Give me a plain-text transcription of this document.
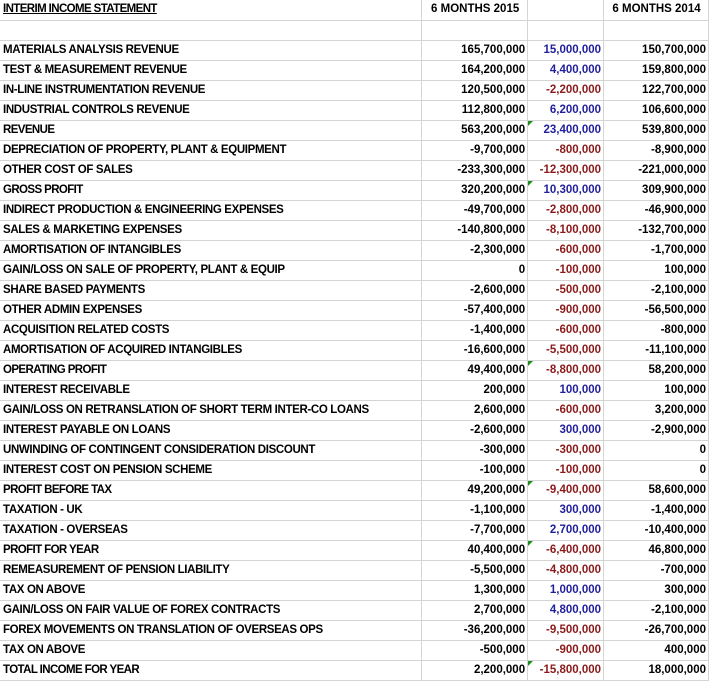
INTERIM INCOME STATEMENT	6 MONTHS 2015		6 MONTHS 2014

MATERIALS ANALYSIS REVENUE	165,700,000	15,000,000	150,700,000
TEST & MEASUREMENT REVENUE	164,200,000	4,400,000	159,800,000
IN-LINE INSTRUMENTATION REVENUE	120,500,000	-2,200,000	122,700,000
INDUSTRIAL CONTROLS REVENUE	112,800,000	6,200,000	106,600,000
REVENUE	563,200,000	23,400,000	539,800,000
DEPRECIATION OF PROPERTY, PLANT & EQUIPMENT	-9,700,000	-800,000	-8,900,000
OTHER COST OF SALES	-233,300,000	-12,300,000	-221,000,000
GROSS PROFIT	320,200,000	10,300,000	309,900,000
INDIRECT PRODUCTION & ENGINEERING EXPENSES	-49,700,000	-2,800,000	-46,900,000
SALES & MARKETING EXPENSES	-140,800,000	-8,100,000	-132,700,000
AMORTISATION OF INTANGIBLES	-2,300,000	-600,000	-1,700,000
GAIN/LOSS ON SALE OF PROPERTY, PLANT & EQUIP	0	-100,000	100,000
SHARE BASED PAYMENTS	-2,600,000	-500,000	-2,100,000
OTHER ADMIN EXPENSES	-57,400,000	-900,000	-56,500,000
ACQUISITION RELATED COSTS	-1,400,000	-600,000	-800,000
AMORTISATION OF ACQUIRED INTANGIBLES	-16,600,000	-5,500,000	-11,100,000
OPERATING PROFIT	49,400,000	-8,800,000	58,200,000
INTEREST RECEIVABLE	200,000	100,000	100,000
GAIN/LOSS ON RETRANSLATION OF SHORT TERM INTER-CO LOANS	2,600,000	-600,000	3,200,000
INTEREST PAYABLE ON LOANS	-2,600,000	300,000	-2,900,000
UNWINDING OF CONTINGENT CONSIDERATION DISCOUNT	-300,000	-300,000	0
INTEREST COST ON PENSION SCHEME	-100,000	-100,000	0
PROFIT BEFORE TAX	49,200,000	-9,400,000	58,600,000
TAXATION - UK	-1,100,000	300,000	-1,400,000
TAXATION - OVERSEAS	-7,700,000	2,700,000	-10,400,000
PROFIT FOR YEAR	40,400,000	-6,400,000	46,800,000
REMEASUREMENT OF PENSION LIABILITY	-5,500,000	-4,800,000	-700,000
TAX ON ABOVE	1,300,000	1,000,000	300,000
GAIN/LOSS ON FAIR VALUE OF FOREX CONTRACTS	2,700,000	4,800,000	-2,100,000
FOREX MOVEMENTS ON TRANSLATION OF OVERSEAS OPS	-36,200,000	-9,500,000	-26,700,000
TAX ON ABOVE	-500,000	-900,000	400,000
TOTAL INCOME FOR YEAR	2,200,000	-15,800,000	18,000,000
